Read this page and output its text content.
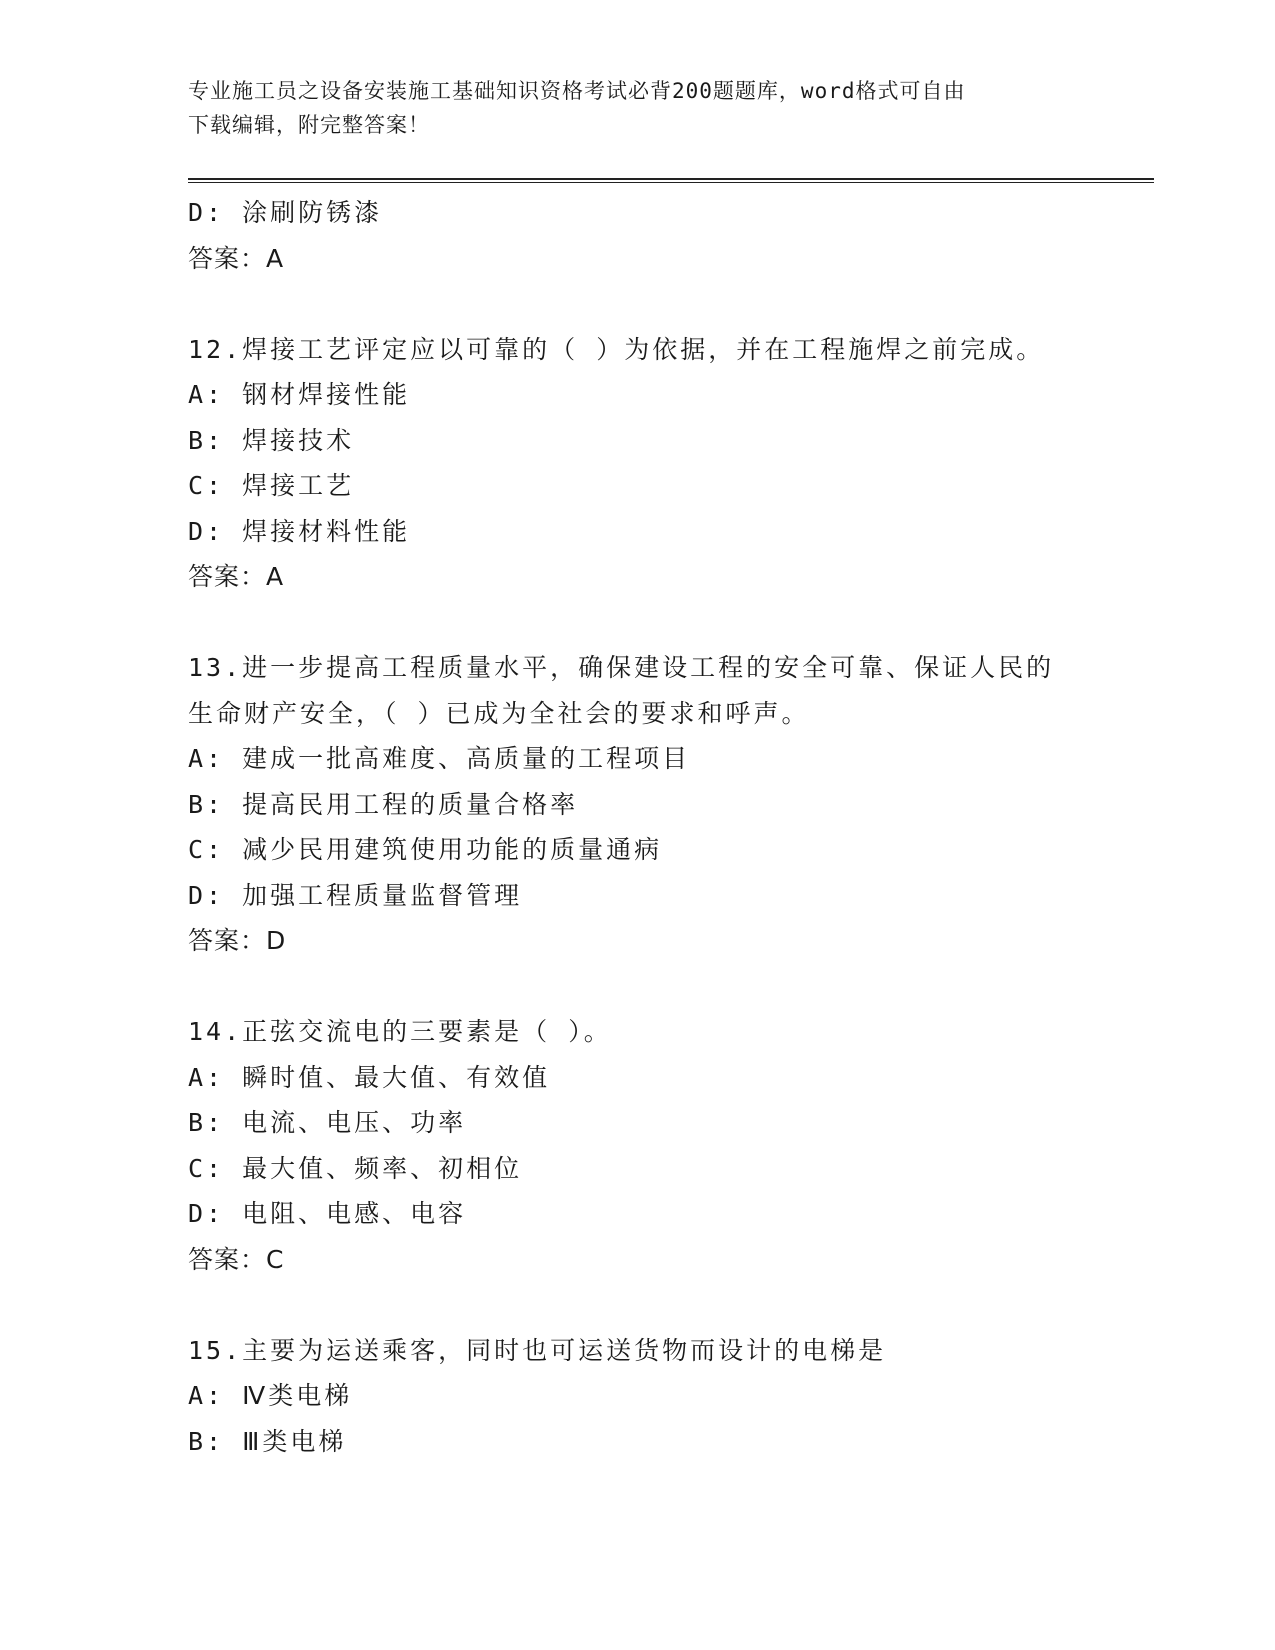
专业施工员之设备安装施工基础知识资格考试必背200题题库，word格式可自由
下载编辑，附完整答案！
D: 涂刷防锈漆
答案：A
12.焊接工艺评定应以可靠的（ ）为依据，并在工程施焊之前完成。
A: 钢材焊接性能
B: 焊接技术
C: 焊接工艺
D: 焊接材料性能
答案：A
13.进一步提高工程质量水平，确保建设工程的安全可靠、保证人民的
生命财产安全，（ ）已成为全社会的要求和呼声。
A: 建成一批高难度、高质量的工程项目
B: 提高民用工程的质量合格率
C: 减少民用建筑使用功能的质量通病
D: 加强工程质量监督管理
答案：D
14.正弦交流电的三要素是（ ）。
A: 瞬时值、最大值、有效值
B: 电流、电压、功率
C: 最大值、频率、初相位
D: 电阻、电感、电容
答案：C
15.主要为运送乘客，同时也可运送货物而设计的电梯是
A: Ⅳ类电梯
B: Ⅲ类电梯
